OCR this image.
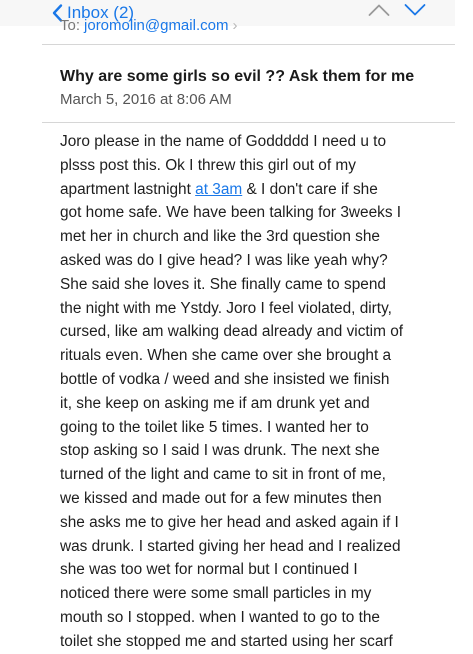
Inbox (2)
To: joromolin@gmail.com ›
Why are some girls so evil ?? Ask them for me
March 5, 2016 at 8:06 AM
Joro please in the name of Goddddd I need u to
plsss post this. Ok I threw this girl out of my
apartment lastnight at 3am & I don't care if she
got home safe. We have been talking for 3weeks I
met her in church and like the 3rd question she
asked was do I give head? I was like yeah why?
She said she loves it. She finally came to spend
the night with me Ystdy. Joro I feel violated, dirty,
cursed, like am walking dead already and victim of
rituals even. When she came over she brought a
bottle of vodka / weed and she insisted we finish
it, she keep on asking me if am drunk yet and
going to the toilet like 5 times. I wanted her to
stop asking so I said I was drunk. The next she
turned of the light and came to sit in front of me,
we kissed and made out for a few minutes then
she asks me to give her head and asked again if I
was drunk. I started giving her head and I realized
she was too wet for normal but I continued I
noticed there were some small particles in my
mouth so I stopped. when I wanted to go to the
toilet she stopped me and started using her scarf
